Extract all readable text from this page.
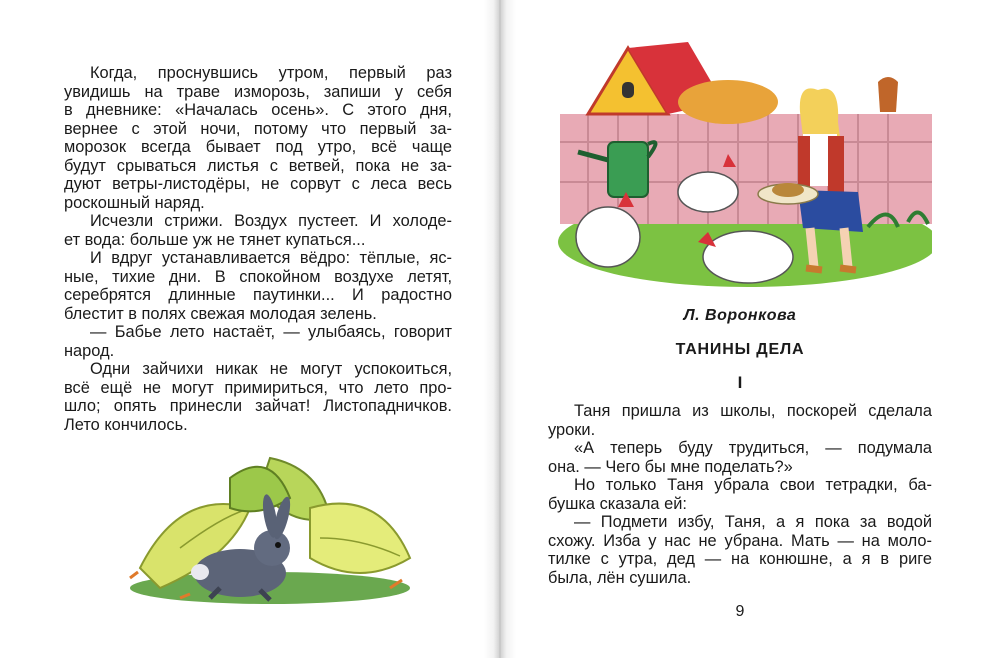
Когда, проснувшись утром, первый раз
увидишь на траве изморозь, запиши у себя
в дневнике: «Началась осень». С этого дня,
вернее с этой ночи, потому что первый за-
морозок всегда бывает под утро, всё чаще
будут срываться листья с ветвей, пока не за-
дуют ветры-листодёры, не сорвут с леса весь
роскошный наряд.
Исчезли стрижи. Воздух пустеет. И холоде-
ет вода: больше уж не тянет купаться...
И вдруг устанавливается вёдро: тёплые, яс-
ные, тихие дни. В спокойном воздухе летят,
серебрятся длинные паутинки... И радостно
блестит в полях свежая молодая зелень.
— Бабье лето настаёт, — улыбаясь, говорит
народ.
Одни зайчихи никак не могут успокоиться,
всё ещё не могут примириться, что лето про-
шло; опять принесли зайчат! Листопадничков.
Лето кончилось.
Л. Воронкова
ТАНИНЫ ДЕЛА
I
Таня пришла из школы, поскорей сделала
уроки.
«А теперь буду трудиться, — подумала
она. — Чего бы мне поделать?»
Но только Таня убрала свои тетрадки, ба-
бушка сказала ей:
— Подмети избу, Таня, а я пока за водой
схожу. Изба у нас не убрана. Мать — на моло-
тилке с утра, дед — на конюшне, а я в риге
была, лён сушила.
9
